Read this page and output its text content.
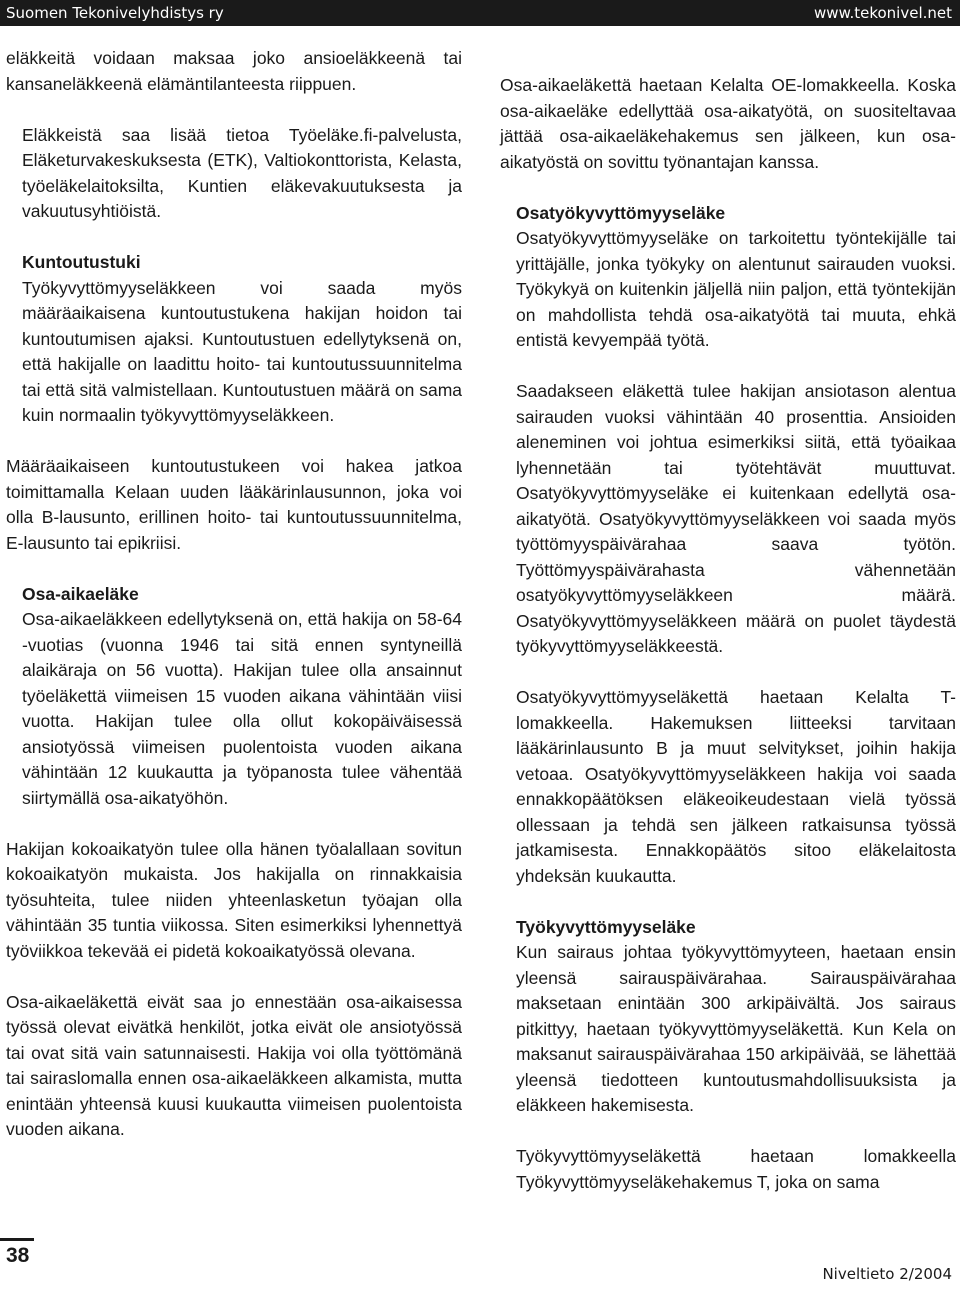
Suomen Tekonivelyhdistys ry	www.tekonivel.net

eläkkeitä voidaan maksaa joko ansioeläkkeenä tai kansaneläkkeenä elämäntilanteesta riippuen.

Eläkkeistä saa lisää tietoa Työeläke.fi-palvelusta, Eläketurvakeskuksesta (ETK), Valtiokonttorista, Kelasta, työeläkelaitoksilta, Kuntien eläkevakuutuksesta ja vakuutusyhtiöistä.

Kuntoutustuki
Työkyvyttömyyseläkkeen voi saada myös määräaikaisena kuntoutustukena hakijan hoidon tai kuntoutumisen ajaksi. Kuntoutustuen edellytyksenä on, että hakijalle on laadittu hoito- tai kuntoutussuunnitelma tai että sitä valmistellaan. Kuntoutustuen määrä on sama kuin normaalin työkyvyttömyyseläkkeen.

Määräaikaiseen kuntoutustukeen voi hakea jatkoa toimittamalla Kelaan uuden lääkärinlausunnon, joka voi olla B-lausunto, erillinen hoito- tai kuntoutussuunnitelma, E-lausunto tai epikriisi.

Osa-aikaeläke
Osa-aikaeläkkeen edellytyksenä on, että hakija on 58-64 -vuotias (vuonna 1946 tai sitä ennen syntyneillä alaikäraja on 56 vuotta). Hakijan tulee olla ansainnut työeläkettä viimeisen 15 vuoden aikana vähintään viisi vuotta. Hakijan tulee olla ollut kokopäiväisessä ansiotyössä viimeisen puolentoista vuoden aikana vähintään 12 kuukautta ja työpanosta tulee vähentää siirtymällä osa-aikatyöhön.

Hakijan kokoaikatyön tulee olla hänen työalallaan sovitun kokoaikatyön mukaista. Jos hakijalla on rinnakkaisia työsuhteita, tulee niiden yhteenlasketun työajan olla vähintään 35 tuntia viikossa. Siten esimerkiksi lyhennettyä työviikkoa tekevää ei pidetä kokoaikatyössä olevana.

Osa-aikaeläkettä eivät saa jo ennestään osa-aikaisessa työssä olevat eivätkä henkilöt, jotka eivät ole ansiotyössä tai ovat sitä vain satunnaisesti. Hakija voi olla työttömänä tai sairaslomalla ennen osa-aikaeläkkeen alkamista, mutta enintään yhteensä kuusi kuukautta viimeisen puolentoista vuoden aikana.

Osa-aikaeläkettä haetaan Kelalta OE-lomakkeella. Koska osa-aikaeläke edellyttää osa-aikatyötä, on suositeltavaa jättää osa-aikaeläkehakemus sen jälkeen, kun osa-aikatyöstä on sovittu työnantajan kanssa.

Osatyökyvyttömyyseläke
Osatyökyvyttömyyseläke on tarkoitettu työntekijälle tai yrittäjälle, jonka työkyky on alentunut sairauden vuoksi. Työkykyä on kuitenkin jäljellä niin paljon, että työntekijän on mahdollista tehdä osa-aikatyötä tai muuta, ehkä entistä kevyempää työtä.

Saadakseen eläkettä tulee hakijan ansiotason alentua sairauden vuoksi vähintään 40 prosenttia. Ansioiden aleneminen voi johtua esimerkiksi siitä, että työaikaa lyhennetään tai työtehtävät muuttuvat. Osatyökyvyttömyyseläke ei kuitenkaan edellytä osa-aikatyötä. Osatyökyvyttömyyseläkkeen voi saada myös työttömyyspäivärahaa saava työtön. Työttömyyspäivärahasta vähennetään osatyökyvyttömyyseläkkeen määrä. Osatyökyvyttömyyseläkkeen määrä on puolet täydestä työkyvyttömyyseläkkeestä.

Osatyökyvyttömyyseläkettä haetaan Kelalta T-lomakkeella. Hakemuksen liitteeksi tarvitaan lääkärinlausunto B ja muut selvitykset, joihin hakija vetoaa. Osatyökyvyttömyyseläkkeen hakija voi saada ennakkopäätöksen eläkeoikeudestaan vielä työssä ollessaan ja tehdä sen jälkeen ratkaisunsa työssä jatkamisesta. Ennakkopäätös sitoo eläkelaitosta yhdeksän kuukautta.

Työkyvyttömyyseläke
Kun sairaus johtaa työkyvyttömyyteen, haetaan ensin yleensä sairauspäivärahaa. Sairauspäivärahaa maksetaan enintään 300 arkipäivältä. Jos sairaus pitkittyy, haetaan työkyvyttömyyseläkettä. Kun Kela on maksanut sairauspäivärahaa 150 arkipäivää, se lähettää yleensä tiedotteen kuntoutusmahdollisuuksista ja eläkkeen hakemisesta.

Työkyvyttömyyseläkettä haetaan lomakkeella Työkyvyttömyyseläkehakemus T, joka on sama

38
Niveltieto 2/2004
